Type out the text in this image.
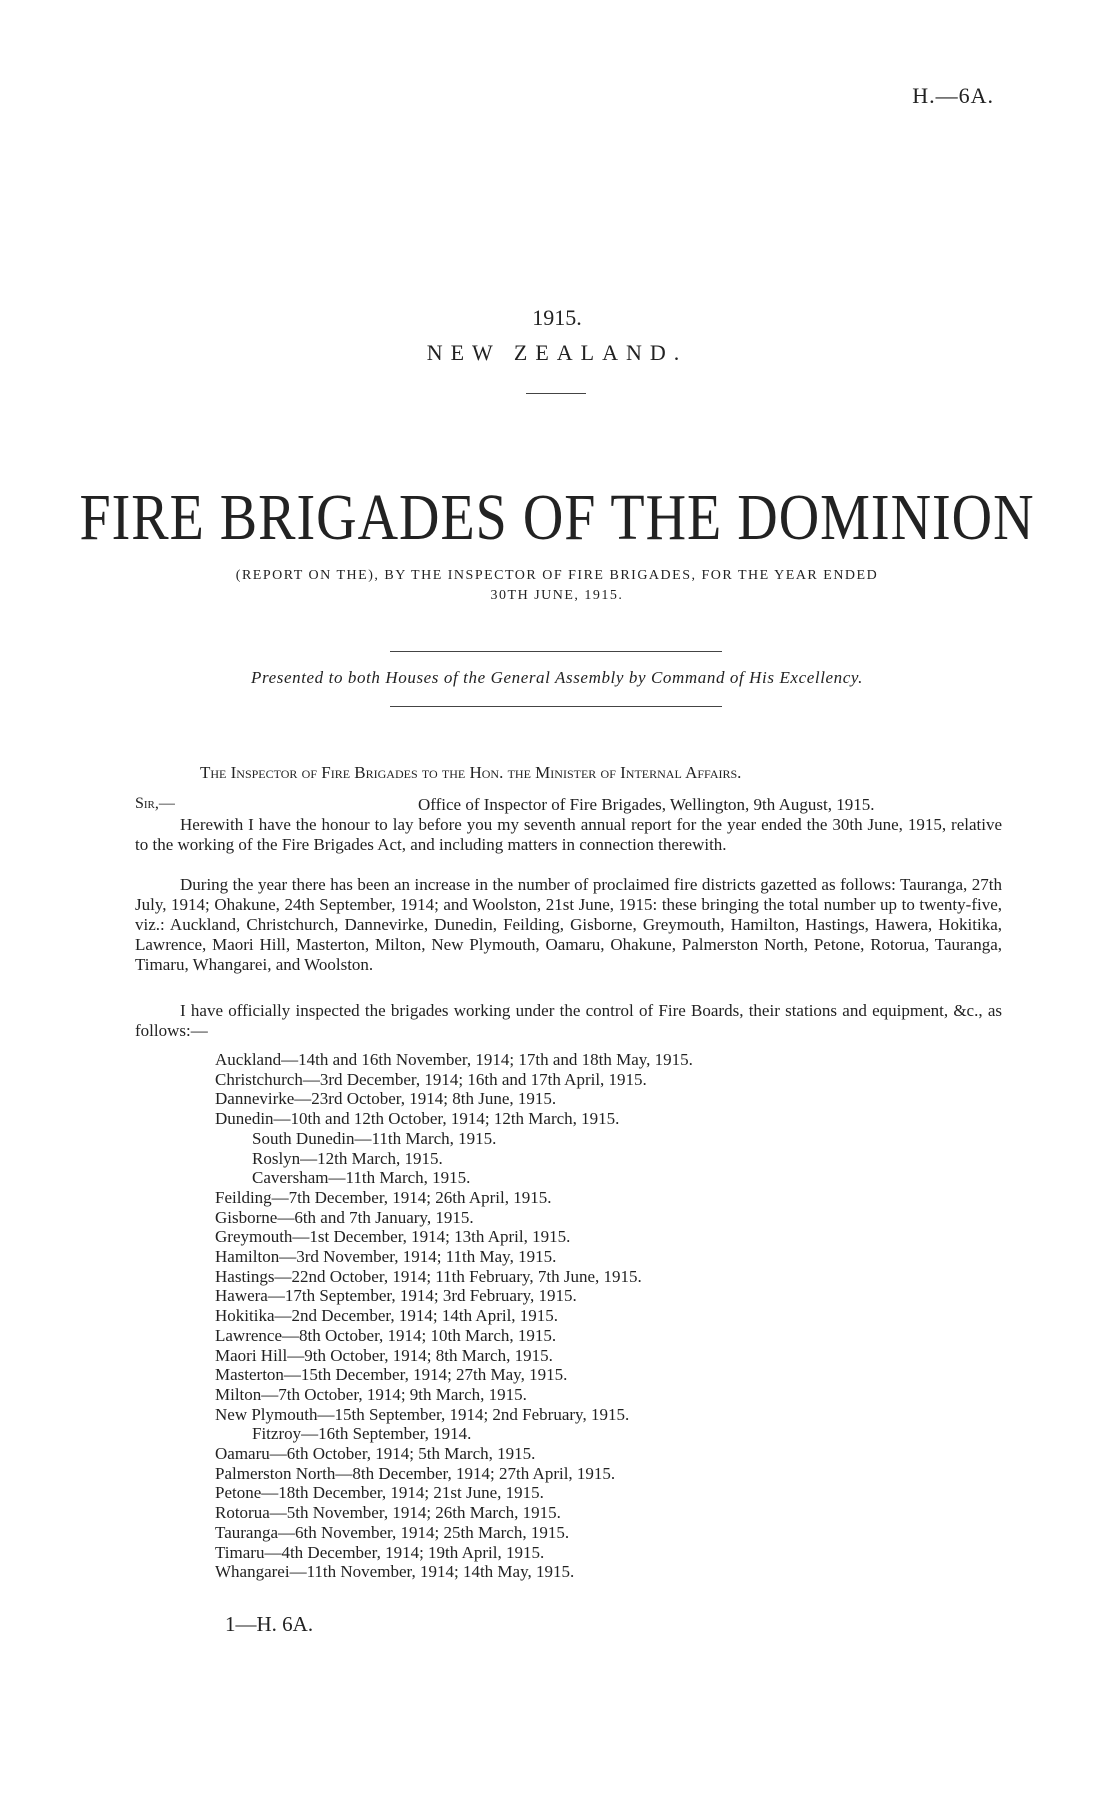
H.—6A.
1915.
NEW ZEALAND.
FIRE BRIGADES OF THE DOMINION
(REPORT ON THE), BY THE INSPECTOR OF FIRE BRIGADES, FOR THE YEAR ENDED
30TH JUNE, 1915.
Presented to both Houses of the General Assembly by Command of His Excellency.
The Inspector of Fire Brigades to the Hon. the Minister of Internal Affairs.
Sir,—	Office of Inspector of Fire Brigades, Wellington, 9th August, 1915.

Herewith I have the honour to lay before you my seventh annual report for the year ended the 30th June, 1915, relative to the working of the Fire Brigades Act, and including matters in connection therewith.

During the year there has been an increase in the number of proclaimed fire districts gazetted as follows: Tauranga, 27th July, 1914; Ohakune, 24th September, 1914; and Woolston, 21st June, 1915: these bringing the total number up to twenty-five, viz.: Auckland, Christchurch, Dannevirke, Dunedin, Feilding, Gisborne, Greymouth, Hamilton, Hastings, Hawera, Hokitika, Lawrence, Maori Hill, Masterton, Milton, New Plymouth, Oamaru, Ohakune, Palmerston North, Petone, Rotorua, Tauranga, Timaru, Whangarei, and Woolston.

I have officially inspected the brigades working under the control of Fire Boards, their stations and equipment, &c., as follows:—

Auckland—14th and 16th November, 1914; 17th and 18th May, 1915.
Christchurch—3rd December, 1914; 16th and 17th April, 1915.
Dannevirke—23rd October, 1914; 8th June, 1915.
Dunedin—10th and 12th October, 1914; 12th March, 1915.
South Dunedin—11th March, 1915.
Roslyn—12th March, 1915.
Caversham—11th March, 1915.
Feilding—7th December, 1914; 26th April, 1915.
Gisborne—6th and 7th January, 1915.
Greymouth—1st December, 1914; 13th April, 1915.
Hamilton—3rd November, 1914; 11th May, 1915.
Hastings—22nd October, 1914; 11th February, 7th June, 1915.
Hawera—17th September, 1914; 3rd February, 1915.
Hokitika—2nd December, 1914; 14th April, 1915.
Lawrence—8th October, 1914; 10th March, 1915.
Maori Hill—9th October, 1914; 8th March, 1915.
Masterton—15th December, 1914; 27th May, 1915.
Milton—7th October, 1914; 9th March, 1915.
New Plymouth—15th September, 1914; 2nd February, 1915.
Fitzroy—16th September, 1914.
Oamaru—6th October, 1914; 5th March, 1915.
Palmerston North—8th December, 1914; 27th April, 1915.
Petone—18th December, 1914; 21st June, 1915.
Rotorua—5th November, 1914; 26th March, 1915.
Tauranga—6th November, 1914; 25th March, 1915.
Timaru—4th December, 1914; 19th April, 1915.
Whangarei—11th November, 1914; 14th May, 1915.
1—H. 6A.
